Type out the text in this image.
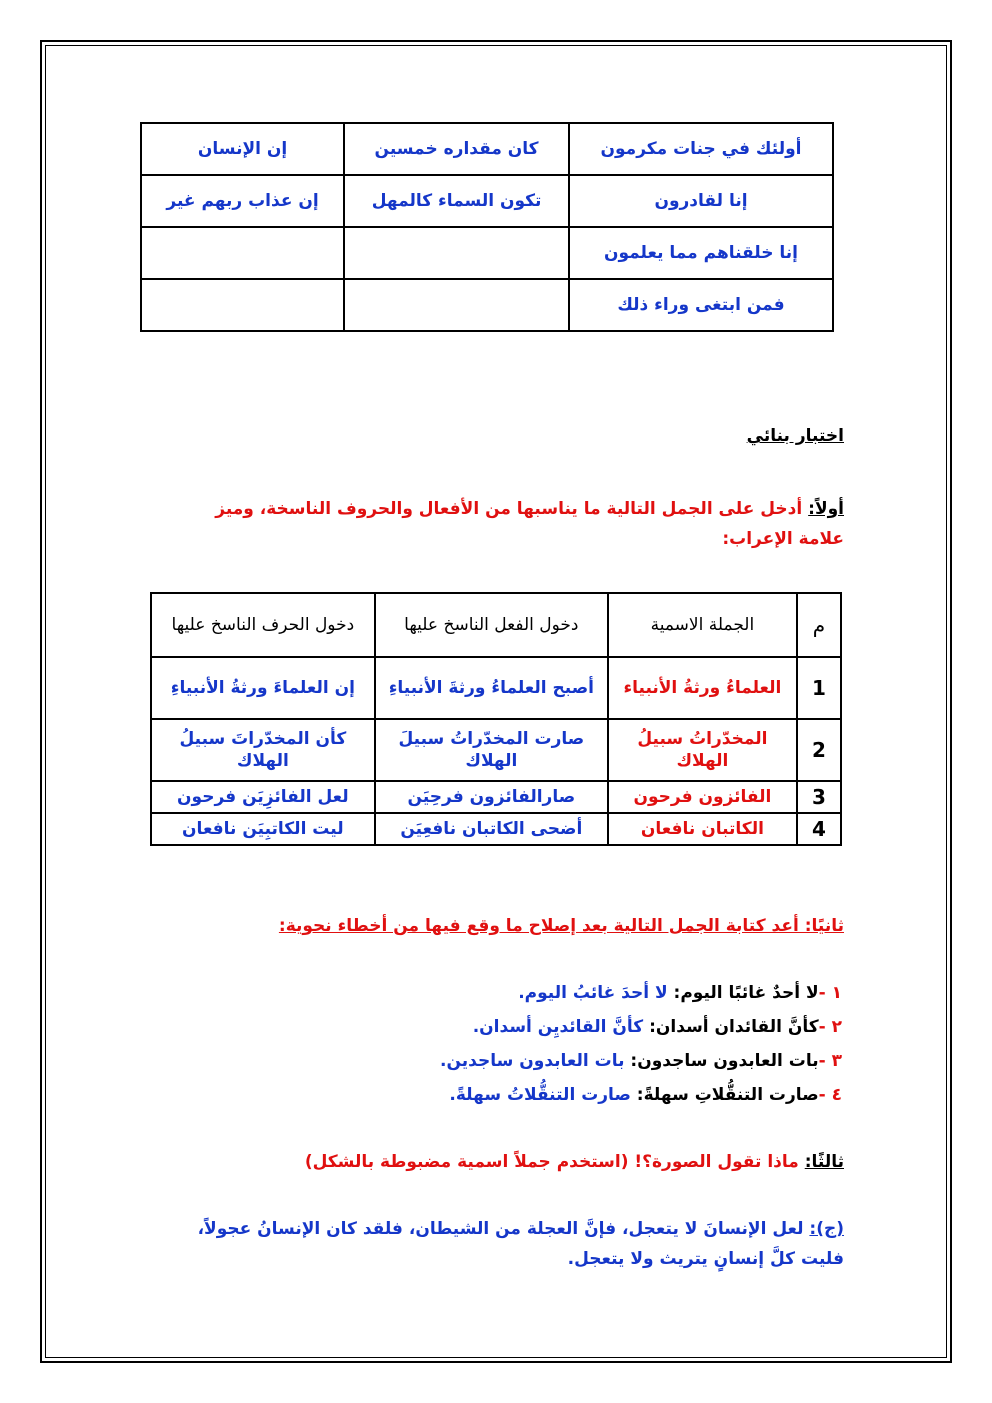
أولئك في جنات مكرمون	كان مقداره خمسين	إن الإنسان
إنا لقادرون	تكون السماء كالمهل	إن عذاب ربهم غير
إنا خلقناهم مما يعلمون		
فمن ابتغى وراء ذلك		
اختبار بنائي
أولاً: أدخل على الجمل التالية ما يناسبها من الأفعال والحروف الناسخة، وميز علامة الإعراب:
م	الجملة الاسمية	دخول الفعل الناسخ عليها	دخول الحرف الناسخ عليها
1	العلماءُ ورثةُ الأنبياء	أصبح العلماءُ ورثةَ الأنبياءِ	إن العلماءَ ورثةُ الأنبياءِ
2	المخدّراتُ سبيلُ الهلاك	صارت المخدّراتُ سبيلَ الهلاك	كأن المخدّراتَ سبيلُ الهلاك
3	الفائزون فرحون	صارالفائزون فرحِيَن	لعل الفائزِيَن فرحون
4	الكاتبان نافعان	أضحى الكاتبان نافعِيَن	ليت الكاتبِيَن نافعان
ثانيًا: أعد كتابة الجمل التالية بعد إصلاح ما وقع فيها من أخطاء نحوية:
١ -لا أحدٌ غائبًا اليوم: لا أحدَ غائبُ اليوم.
٢ -كأنَّ القائدان أسدان: كأنَّ القائديِن أسدان.
٣ -بات العابدون ساجدون: بات العابدون ساجدين.
٤ -صارت التنقُّلاتِ سهلةً: صارت التنقُّلاتُ سهلةً.
ثالثًا: ماذا تقول الصورة؟! (استخدم جملاً اسمية مضبوطة بالشكل)
(ج): لعل الإنسانَ لا يتعجل، فإنَّ العجلة من الشيطان، فلقد كان الإنسانُ عجولاً، فليت كلَّ إنسانٍ يتريث ولا يتعجل.
